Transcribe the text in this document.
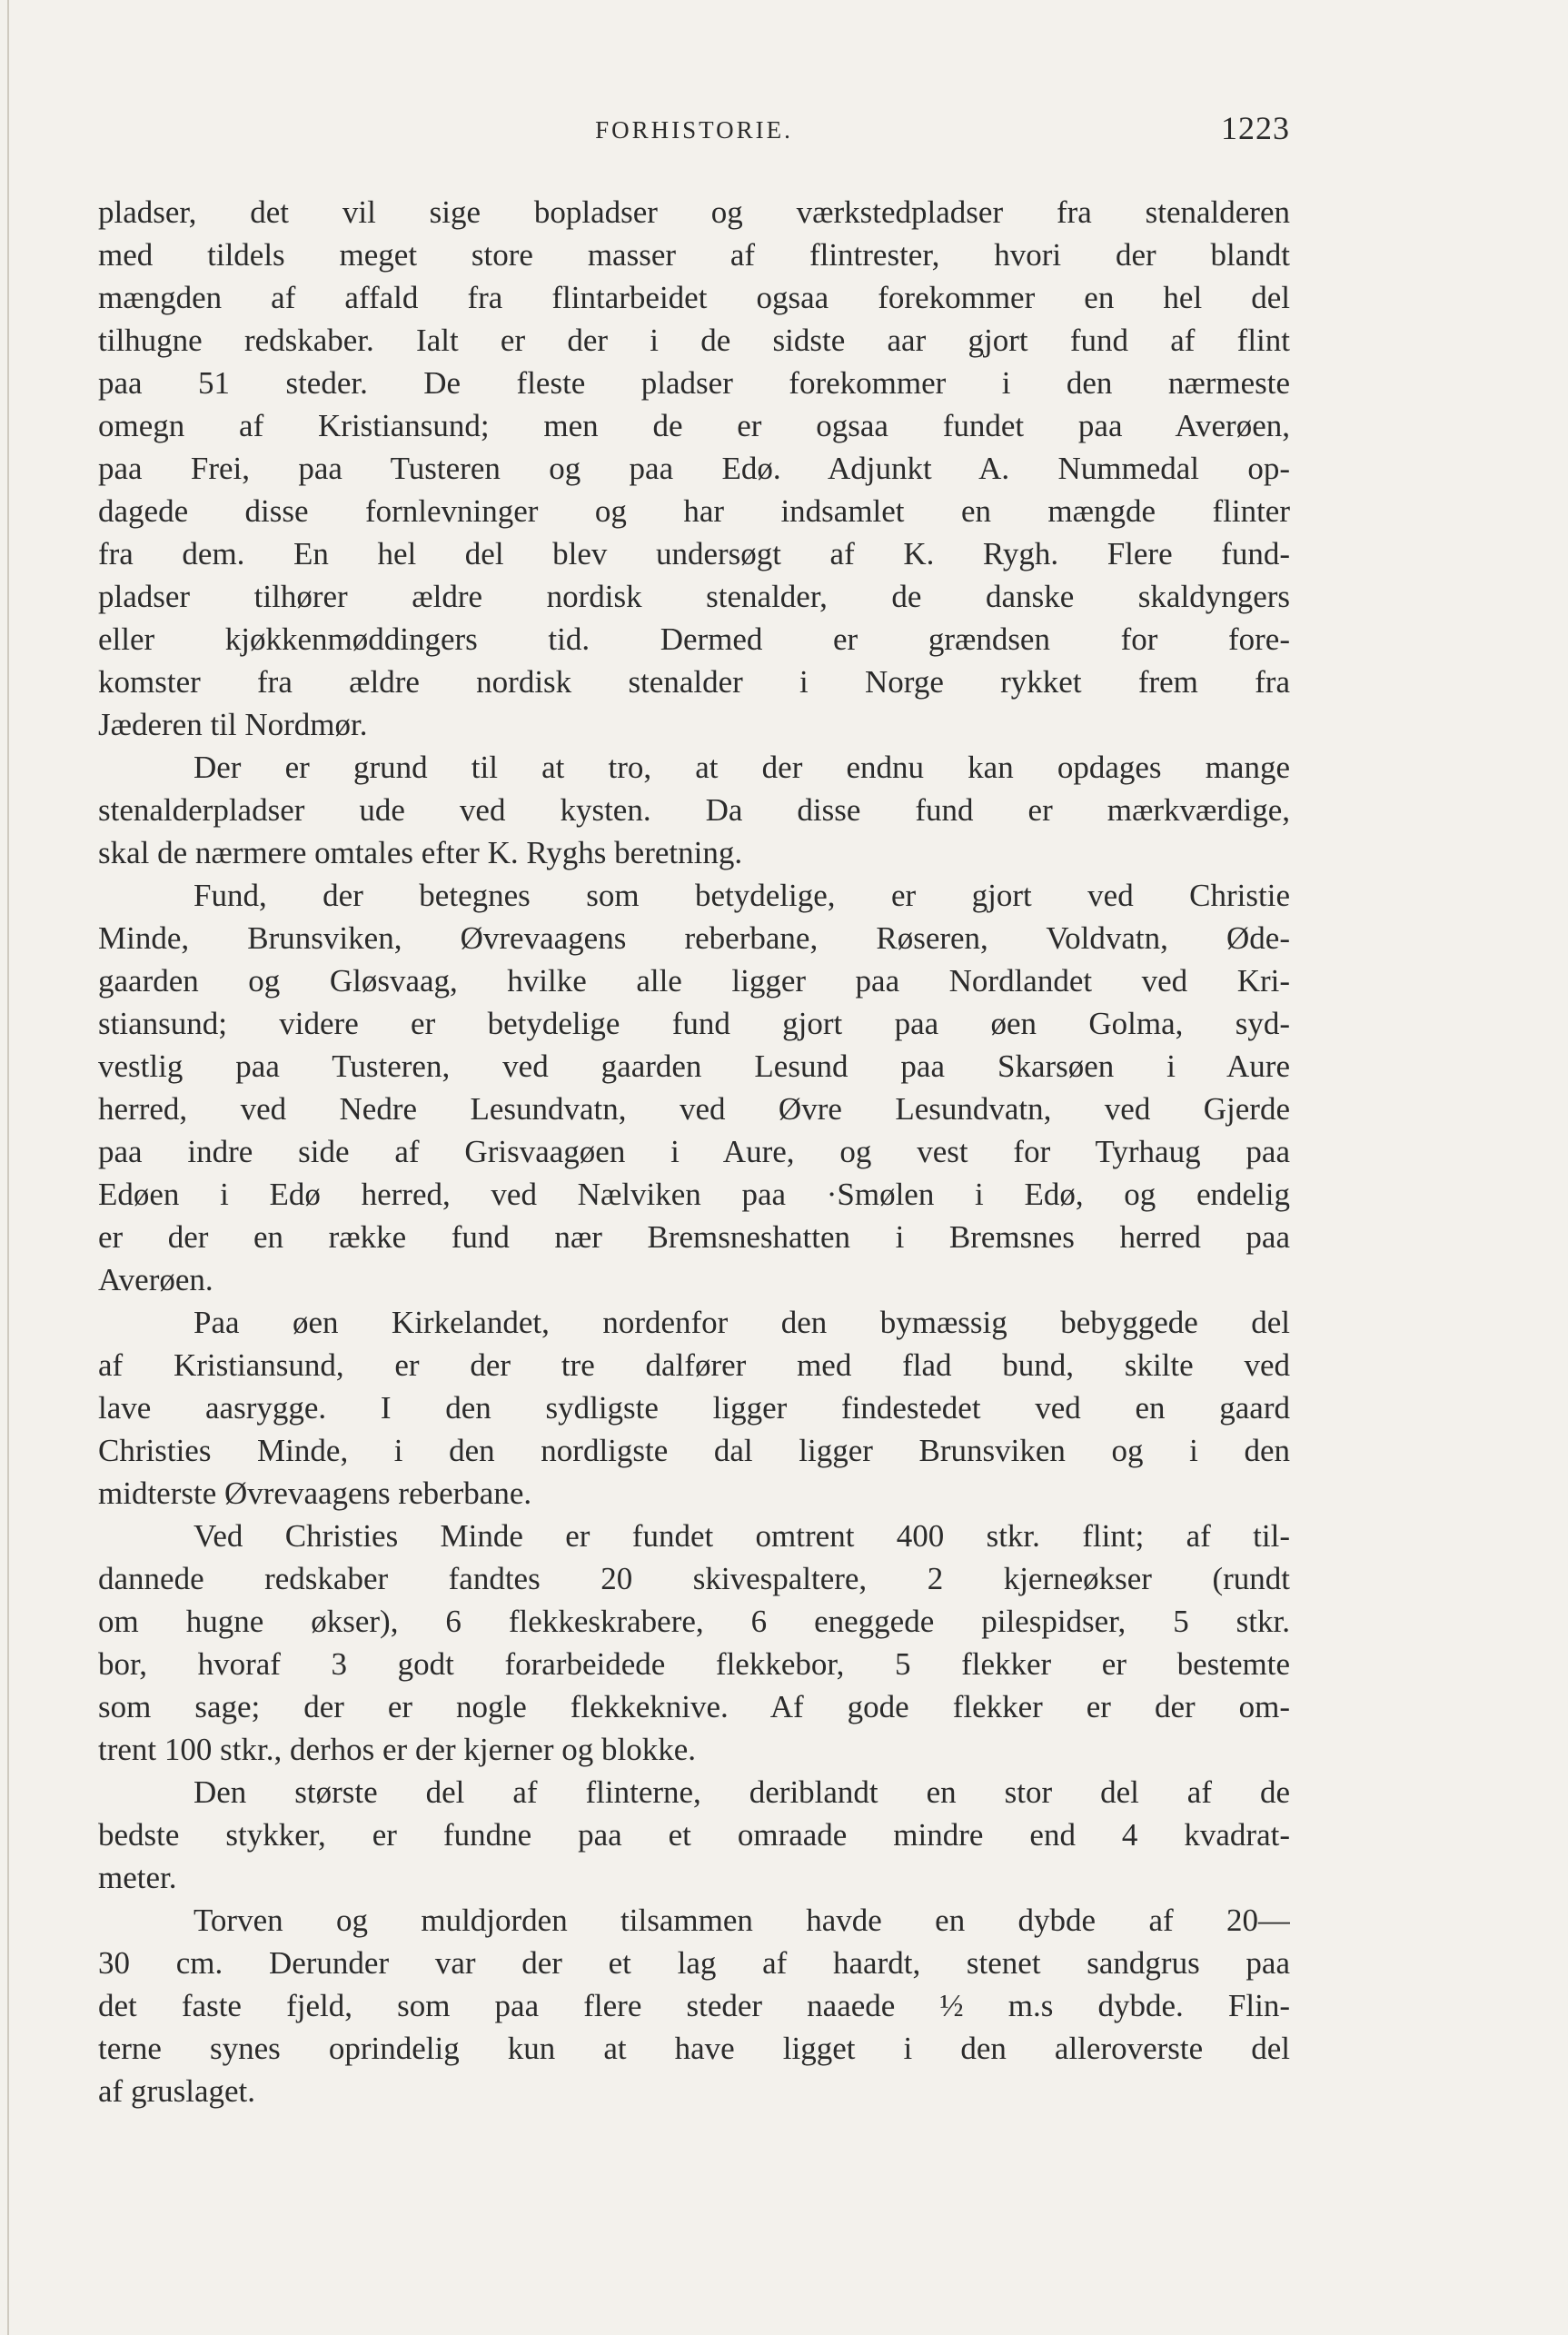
FORHISTORIE.	1223
pladser, det vil sige bopladser og værkstedpladser fra stenalderen
med tildels meget store masser af flintrester, hvori der blandt
mængden af affald fra flintarbeidet ogsaa forekommer en hel del
tilhugne redskaber. Ialt er der i de sidste aar gjort fund af flint
paa 51 steder. De fleste pladser forekommer i den nærmeste
omegn af Kristiansund; men de er ogsaa fundet paa Averøen,
paa Frei, paa Tusteren og paa Edø. Adjunkt A. Nummedal op-
dagede disse fornlevninger og har indsamlet en mængde flinter
fra dem. En hel del blev undersøgt af K. Rygh. Flere fund-
pladser tilhører ældre nordisk stenalder, de danske skaldyngers
eller kjøkkenmøddingers tid. Dermed er grændsen for fore-
komster fra ældre nordisk stenalder i Norge rykket frem fra
Jæderen til Nordmør.
Der er grund til at tro, at der endnu kan opdages mange
stenalderpladser ude ved kysten. Da disse fund er mærkværdige,
skal de nærmere omtales efter K. Ryghs beretning.
Fund, der betegnes som betydelige, er gjort ved Christie
Minde, Brunsviken, Øvrevaagens reberbane, Røseren, Voldvatn, Øde-
gaarden og Gløsvaag, hvilke alle ligger paa Nordlandet ved Kri-
stiansund; videre er betydelige fund gjort paa øen Golma, syd-
vestlig paa Tusteren, ved gaarden Lesund paa Skarsøen i Aure
herred, ved Nedre Lesundvatn, ved Øvre Lesundvatn, ved Gjerde
paa indre side af Grisvaagøen i Aure, og vest for Tyrhaug paa
Edøen i Edø herred, ved Nælviken paa ·Smølen i Edø, og endelig
er der en række fund nær Bremsneshatten i Bremsnes herred paa
Averøen.
Paa øen Kirkelandet, nordenfor den bymæssig bebyggede del
af Kristiansund, er der tre dalfører med flad bund, skilte ved
lave aasrygge. I den sydligste ligger findestedet ved en gaard
Christies Minde, i den nordligste dal ligger Brunsviken og i den
midterste Øvrevaagens reberbane.
Ved Christies Minde er fundet omtrent 400 stkr. flint; af til-
dannede redskaber fandtes 20 skivespaltere, 2 kjerneøkser (rundt
om hugne økser), 6 flekkeskrabere, 6 eneggede pilespidser, 5 stkr.
bor, hvoraf 3 godt forarbeidede flekkebor, 5 flekker er bestemte
som sage; der er nogle flekkeknive. Af gode flekker er der om-
trent 100 stkr., derhos er der kjerner og blokke.
Den største del af flinterne, deriblandt en stor del af de
bedste stykker, er fundne paa et omraade mindre end 4 kvadrat-
meter.
Torven og muldjorden tilsammen havde en dybde af 20—
30 cm. Derunder var der et lag af haardt, stenet sandgrus paa
det faste fjeld, som paa flere steder naaede ½ m.s dybde. Flin-
terne synes oprindelig kun at have ligget i den alleroverste del
af gruslaget.
